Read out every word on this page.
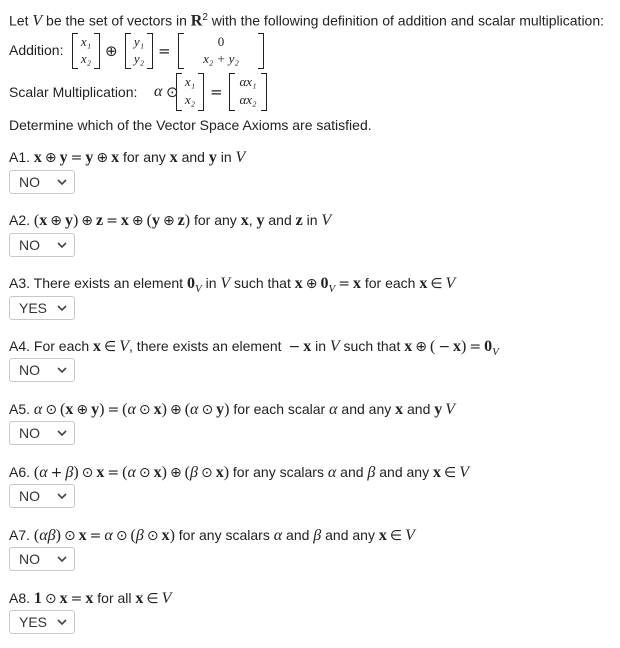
Let V be the set of vectors in $R^2$ with the following definition of addition and scalar multiplication:
Addition:
x₁
x₂ ⊕
y₁
y₂ =
0
x₂ + y₂
Scalar Multiplication: α ⊙
x₁
x₂ =
αx₁
αx₂
Determine which of the Vector Space Axioms are satisfied.
A1. x ⊕ y = y ⊕ x for any x and y in V
NO
A2. (x ⊕ y) ⊕ z = x ⊕ (y ⊕ z) for any x, y and z in V
NO
A3. There exists an element $0_V$ in V such that x ⊕ $0_V = x$ for each x ∈ V
YES
A4. For each x ∈ V, there exists an element − x in V such that x ⊕ ( − $x) = 0_V$
NO
A5. α ⊙ (x ⊕ y) = (α ⊙ x) ⊕ (α ⊙ y) for each scalar α and any x and y V
NO
A6. (α + β) ⊙ x = (α ⊙ x) ⊕ (β ⊙ x) for any scalars α and β and any x ∈ V
NO
A7. (αβ) ⊙ x = α ⊙ (β ⊙ x) for any scalars α and β and any x ∈ V
NO
A8. 1 ⊙ x = x for all x ∈ V
YES
